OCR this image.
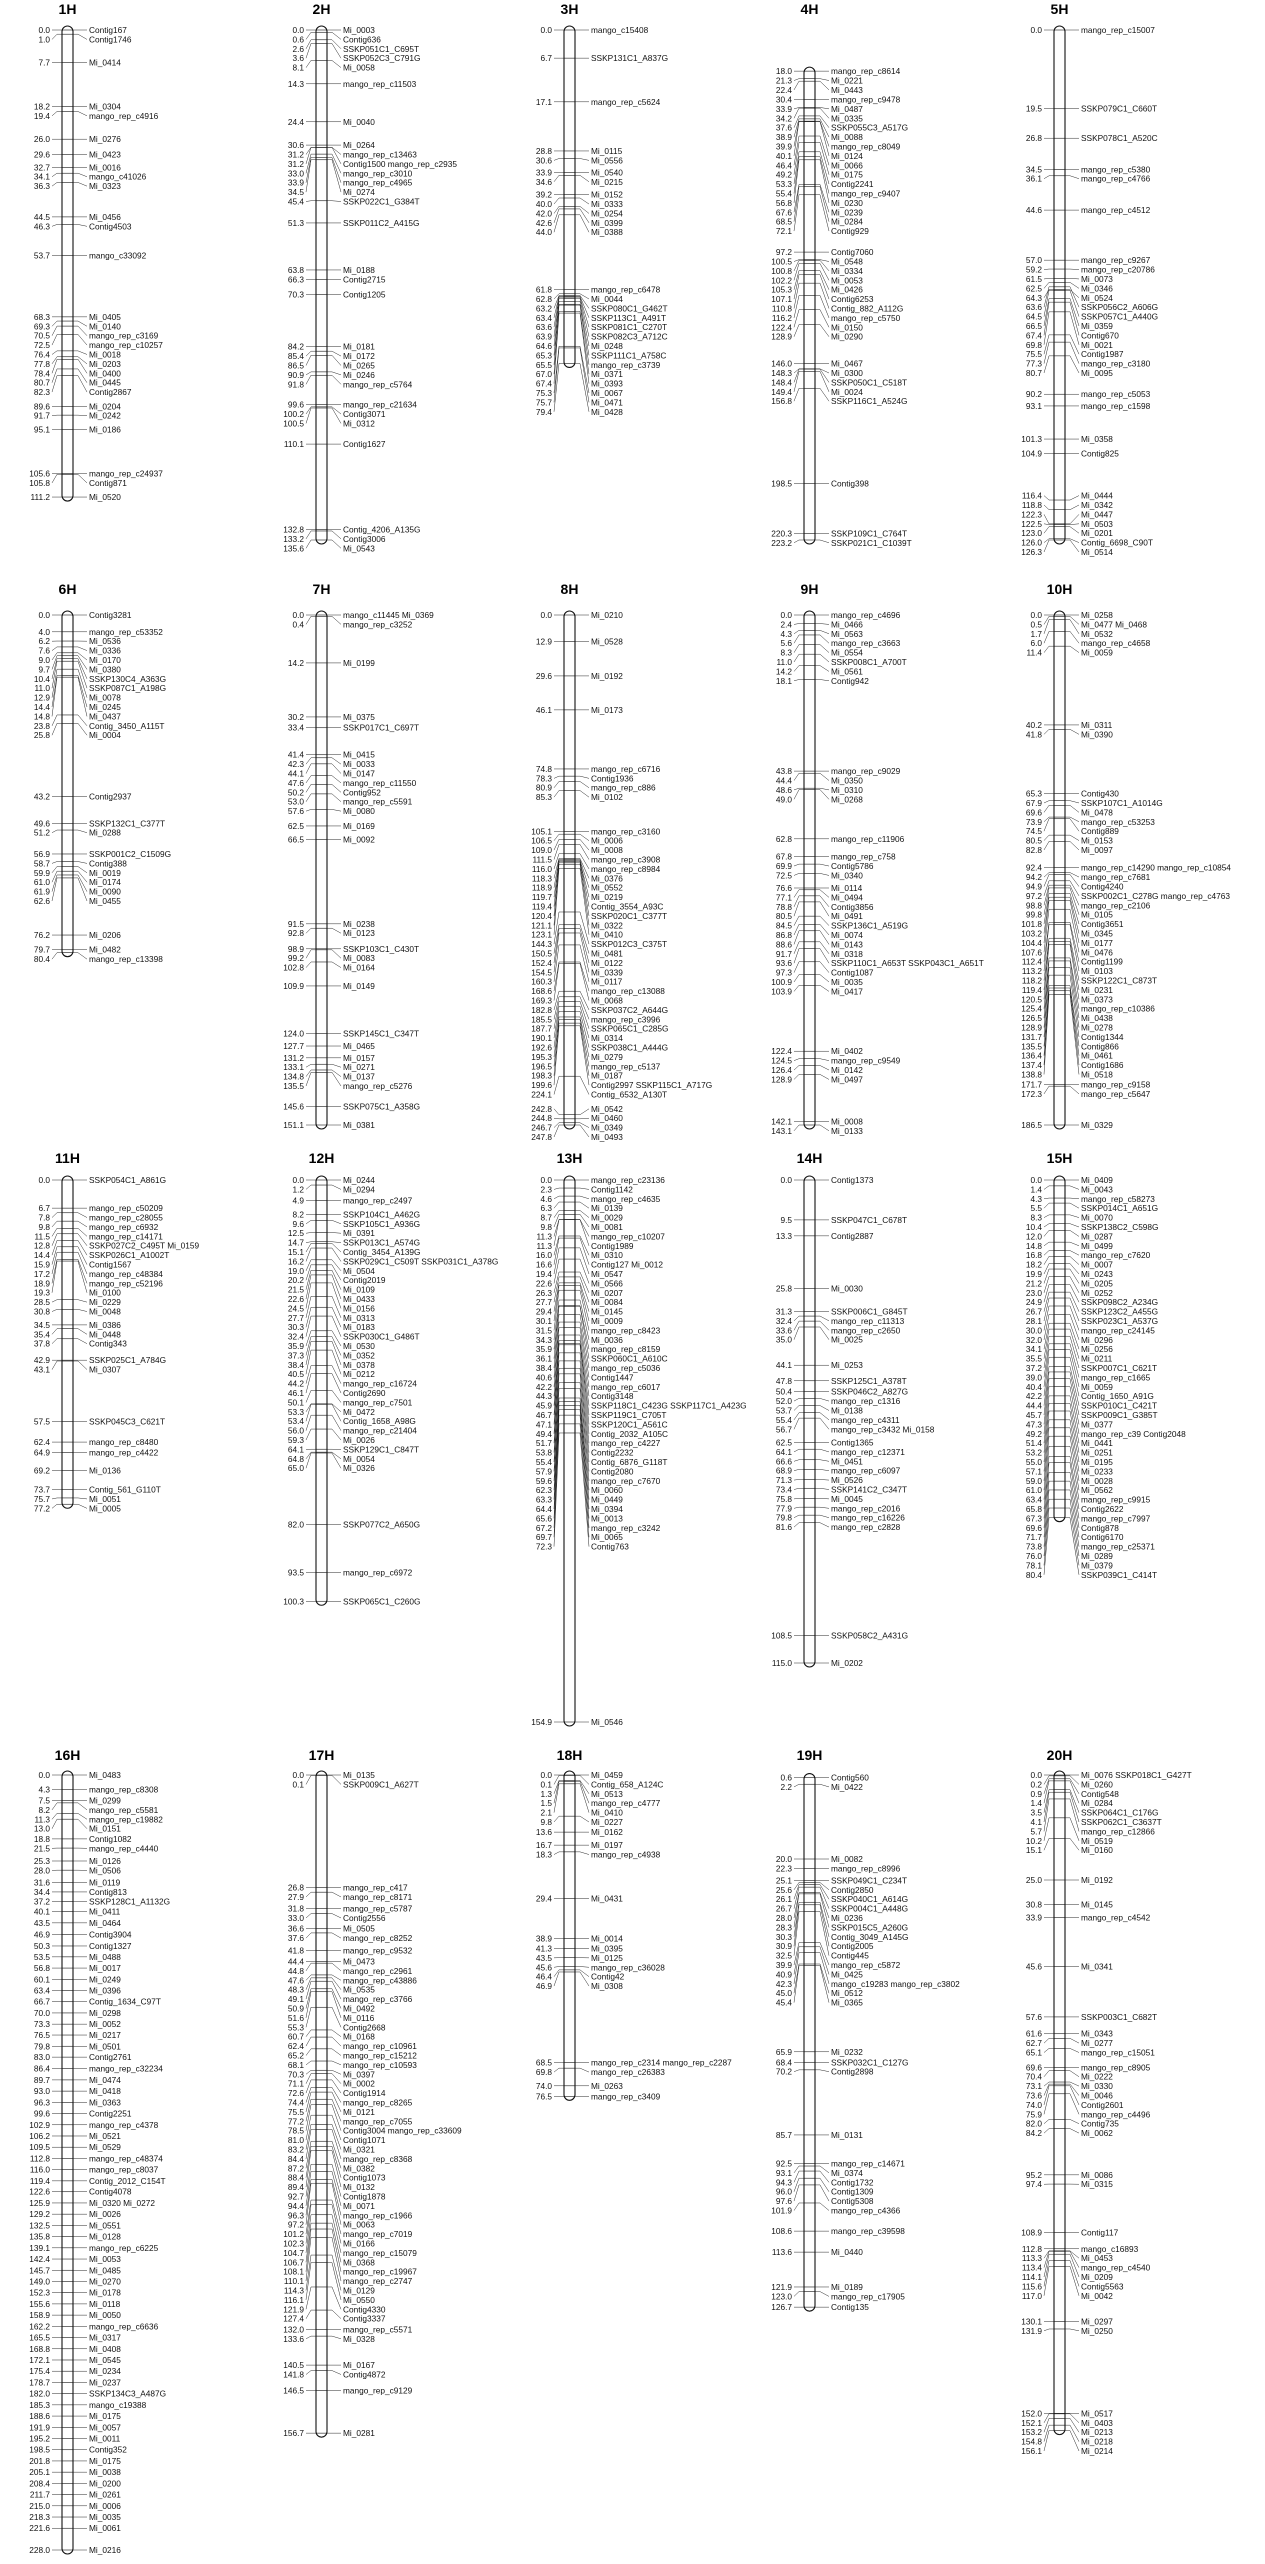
1H
0.0	Contig167
1.0	Contig1746
7.7	Mi_0414
18.2	Mi_0304
19.4	mango_rep_c4916
26.0	Mi_0276
29.6	Mi_0423
32.7	Mi_0016
34.1	mango_c41026
36.3	Mi_0323
44.5	Mi_0456
46.3	Contig4503
53.7	mango_c33092
68.3	Mi_0405
69.3	Mi_0140
70.5	mango_rep_c3169
72.5	mango_rep_c10257
76.4	Mi_0018
77.8	Mi_0203
78.4	Mi_0400
80.7	Mi_0445
82.3	Contig2867
89.6	Mi_0204
91.7	Mi_0242
95.1	Mi_0186
105.6	mango_rep_c24937
105.8	Contig871
111.2	Mi_0520
2H
0.0	Mi_0003
0.6	Contig636
2.6	SSKP051C1_C695T
3.6	SSKP052C3_C791G
8.1	Mi_0058
14.3	mango_rep_c11503
24.4	Mi_0040
30.6	Mi_0264
31.2	mango_rep_c13463
31.2	Contig1500 mango_rep_c2935
33.0	mango_rep_c3010
33.9	mango_rep_c4965
34.5	Mi_0274
45.4	SSKP022C1_G384T
51.3	SSKP011C2_A415G
63.8	Mi_0188
66.3	Contig2715
70.3	Contig1205
84.2	Mi_0181
85.4	Mi_0172
86.5	Mi_0265
90.9	Mi_0246
91.8	mango_rep_c5764
99.6	mango_rep_c21634
100.2	Contig3071
100.5	Mi_0312
110.1	Contig1627
132.8	Contig_4206_A135G
133.2	Contig3006
135.6	Mi_0543
3H
0.0	mango_c15408
6.7	SSKP131C1_A837G
17.1	mango_rep_c5624
28.8	Mi_0115
30.6	Mi_0556
33.9	Mi_0540
34.6	Mi_0215
39.2	Mi_0152
40.0	Mi_0333
42.0	Mi_0254
42.6	Mi_0399
44.0	Mi_0388
61.8	mango_rep_c6478
62.8	Mi_0044
63.2	SSKP080C1_G462T
63.4	SSKP113C1_A491T
63.6	SSKP081C1_C270T
63.9	SSKP082C3_A712C
64.6	Mi_0248
65.3	SSKP111C1_A758C
65.5	mango_rep_c3739
67.0	Mi_0371
67.4	Mi_0393
75.3	Mi_0067
75.7	Mi_0471
79.4	Mi_0428
4H
18.0	mango_rep_c8614
21.3	Mi_0221
22.4	Mi_0443
30.4	mango_rep_c9478
33.9	Mi_0487
34.2	Mi_0335
37.6	SSKP055C3_A517G
38.9	Mi_0088
39.9	mango_rep_c8049
40.1	Mi_0124
46.4	Mi_0066
49.2	Mi_0175
53.3	Contig2241
55.4	mango_rep_c9407
56.8	Mi_0230
67.6	Mi_0239
68.5	Mi_0284
72.1	Contig929
97.2	Contig7060
100.5	Mi_0548
100.8	Mi_0334
102.2	Mi_0053
105.3	Mi_0426
107.1	Contig6253
110.8	Contig_882_A112G
116.2	mango_rep_c5750
122.4	Mi_0150
128.9	Mi_0290
146.0	Mi_0467
148.3	Mi_0300
148.4	SSKP050C1_C518T
149.4	Mi_0024
156.8	SSKP116C1_A524G
198.5	Contig398
220.3	SSKP109C1_C764T
223.2	SSKP021C1_C1039T
5H
0.0	mango_rep_c15007
19.5	SSKP079C1_C660T
26.8	SSKP078C1_A520C
34.5	mango_rep_c5380
36.1	mango_rep_c4766
44.6	mango_rep_c4512
57.0	mango_rep_c9267
59.2	mango_rep_c20786
61.5	Mi_0073
62.5	Mi_0346
64.3	Mi_0524
63.6	SSKP056C2_A606G
64.5	SSKP057C1_A440G
66.5	Mi_0359
67.4	Contig670
69.8	Mi_0021
75.5	Contig1987
77.3	mango_rep_c3180
80.7	Mi_0095
90.2	mango_rep_c5053
93.1	mango_rep_c1598
101.3	Mi_0358
104.9	Contig825
116.4	Mi_0444
118.8	Mi_0342
122.3	Mi_0447
122.5	Mi_0503
123.0	Mi_0201
126.0	Contig_6698_C90T
126.3	Mi_0514
6H
0.0	Contig3281
4.0	mango_rep_c53352
6.2	Mi_0536
7.6	Mi_0336
9.0	Mi_0170
9.7	Mi_0380
10.4	SSKP130C4_A363G
11.0	SSKP087C1_A198G
12.9	Mi_0078
14.4	Mi_0245
14.8	Mi_0437
23.8	Contig_3450_A115T
25.8	Mi_0004
43.2	Contig2937
49.6	SSKP132C1_C377T
51.2	Mi_0288
56.9	SSKP001C2_C1509G
58.7	Contig388
59.9	Mi_0019
61.0	Mi_0174
61.9	Mi_0090
62.6	Mi_0455
76.2	Mi_0206
79.7	Mi_0482
80.4	mango_rep_c13398
7H
0.0	mango_c11445 Mi_0369
0.4	mango_rep_c3252
14.2	Mi_0199
30.2	Mi_0375
33.4	SSKP017C1_C697T
41.4	Mi_0415
42.3	Mi_0033
44.1	Mi_0147
47.6	mango_rep_c11550
50.2	Contig952
53.0	mango_rep_c5591
57.6	Mi_0080
62.5	Mi_0169
66.5	Mi_0092
91.5	Mi_0238
92.8	Mi_0123
98.9	SSKP103C1_C430T
99.2	Mi_0083
102.8	Mi_0164
109.9	Mi_0149
124.0	SSKP145C1_C347T
127.7	Mi_0465
131.2	Mi_0157
133.1	Mi_0271
134.8	Mi_0137
135.5	mango_rep_c5276
145.6	SSKP075C1_A358G
151.1	Mi_0381
8H
0.0	Mi_0210
12.9	Mi_0528
29.6	Mi_0192
46.1	Mi_0173
74.8	mango_rep_c6716
78.3	Contig1936
80.9	mango_rep_c886
85.3	Mi_0102
105.1	mango_rep_c3160
106.5	Mi_0006
109.0	Mi_0008
111.5	mango_rep_c3908
116.0	mango_rep_c8984
118.3	Mi_0376
118.9	Mi_0552
119.7	Mi_0219
119.4	Contig_3554_A93C
120.4	SSKP020C1_C377T
121.1	Mi_0322
123.1	Mi_0410
144.3	SSKP012C3_C375T
150.5	Mi_0481
152.4	Mi_0122
154.5	Mi_0339
160.3	Mi_0117
168.6	mango_rep_c13088
169.3	Mi_0068
182.8	SSKP037C2_A644G
185.5	mango_rep_c3996
187.7	SSKP065C1_C285G
190.1	Mi_0314
192.6	SSKP038C1_A444G
195.3	Mi_0279
196.5	mango_rep_c5137
198.3	Mi_0187
199.6	Contig2997 SSKP115C1_A717G
224.1	Contig_6532_A130T
242.8	Mi_0542
244.8	Mi_0460
246.7	Mi_0349
247.8	Mi_0493
9H
0.0	mango_rep_c4696
2.4	Mi_0466
4.3	Mi_0563
5.6	mango_rep_c3663
8.3	Mi_0554
11.0	SSKP008C1_A700T
14.2	Mi_0561
18.1	Contig942
43.8	mango_rep_c9029
44.4	Mi_0350
48.6	Mi_0310
49.0	Mi_0268
62.8	mango_rep_c11906
67.8	mango_rep_c758
69.9	Contig5786
72.5	Mi_0340
76.6	Mi_0114
77.1	Mi_0494
78.8	Contig3856
80.5	Mi_0491
84.5	SSKP136C1_A519G
86.8	Mi_0074
88.6	Mi_0143
91.7	Mi_0318
93.6	SSKP110C1_A653T SSKP043C1_A651T
97.3	Contig1087
100.9	Mi_0035
103.9	Mi_0417
122.4	Mi_0402
124.5	mango_rep_c9549
126.4	Mi_0142
128.9	Mi_0497
142.1	Mi_0008
143.1	Mi_0133
10H
0.0	Mi_0258
0.5	Mi_0477 Mi_0468
1.7	Mi_0532
6.0	mango_rep_c4658
11.4	Mi_0059
40.2	Mi_0311
41.8	Mi_0390
65.3	Contig430
67.9	SSKP107C1_A1014G
69.6	Mi_0478
73.9	mango_rep_c53253
74.5	Contig889
80.5	Mi_0153
82.8	Mi_0097
92.4	mango_rep_c14290 mango_rep_c10854
94.2	mango_rep_c7681
94.9	Contig4240
97.2	SSKP002C1_C278G mango_rep_c4763
98.8	mango_rep_c2106
99.8	Mi_0105
101.8	Contig3651
103.2	Mi_0345
104.4	Mi_0177
107.6	Mi_0476
112.4	Contig1199
113.2	Mi_0103
118.2	SSKP122C1_C873T
119.4	Mi_0231
120.5	Mi_0373
125.4	mango_rep_c10386
126.5	Mi_0438
128.9	Mi_0278
131.7	Contig1344
135.5	Contig866
136.4	Mi_0461
137.4	Contig1686
138.8	Mi_0518
171.7	mango_rep_c9158
172.3	mango_rep_c5647
186.5	Mi_0329
11H
0.0	SSKP054C1_A861G
6.7	mango_rep_c50209
7.8	mango_rep_c28055
9.8	mango_rep_c6932
11.5	mango_rep_c14171
12.8	SSKP027C2_C495T Mi_0159
14.4	SSKP026C1_A1002T
15.9	Contig1567
17.2	mango_rep_c48384
18.9	mango_rep_c52196
19.3	Mi_0100
28.5	Mi_0229
30.8	Mi_0048
34.5	Mi_0386
35.4	Mi_0448
37.8	Contig343
42.9	SSKP025C1_A784G
43.1	Mi_0307
57.5	SSKP045C3_C621T
62.4	mango_rep_c8480
64.9	mango_rep_c4422
69.2	Mi_0136
73.7	Contig_561_G110T
75.7	Mi_0051
77.2	Mi_0005
12H
0.0	Mi_0244
1.2	Mi_0294
4.9	mango_rep_c2497
8.2	SSKP104C1_A462G
9.6	SSKP105C1_A936G
12.5	Mi_0391
14.7	SSKP013C1_A574G
15.1	Contig_3454_A139G
16.2	SSKP029C1_C509T SSKP031C1_A378G
19.0	Mi_0504
20.2	Contig2019
21.5	Mi_0109
22.6	Mi_0433
24.5	Mi_0156
27.7	Mi_0313
30.3	Mi_0183
32.4	SSKP030C1_G486T
35.9	Mi_0530
37.3	Mi_0352
38.4	Mi_0378
40.5	Mi_0212
44.2	mango_rep_c16724
46.1	Contig2690
50.1	mango_rep_c7501
53.3	Mi_0472
53.4	Contig_1658_A98G
56.0	mango_rep_c21404
59.3	Mi_0026
64.1	SSKP129C1_C847T
64.8	Mi_0054
65.0	Mi_0326
82.0	SSKP077C2_A650G
93.5	mango_rep_c6972
100.3	SSKP065C1_C260G
13H
0.0	mango_rep_c23136
2.3	Contig1142
4.6	mango_rep_c4635
6.3	Mi_0139
8.7	Mi_0029
9.8	Mi_0081
11.3	mango_rep_c10207
11.3	Contig1989
16.0	Mi_0310
16.6	Contig127 Mi_0012
19.4	Mi_0547
22.6	Mi_0566
26.3	Mi_0207
27.7	Mi_0084
29.4	Mi_0145
30.1	Mi_0009
31.5	mango_rep_c8423
34.3	Mi_0036
35.9	mango_rep_c8159
36.1	SSKP060C1_A610C
38.4	mango_rep_c5036
40.6	Contig1447
42.2	mango_rep_c6017
44.3	Contig3148
45.9	SSKP118C1_C423G SSKP117C1_A423G
46.7	SSKP119C1_C705T
47.1	SSKP120C1_A561C
49.4	Contig_2032_A105C
51.7	mango_rep_c4227
53.8	Contig2232
55.4	Contig_6876_G118T
57.9	Contig2080
59.6	mango_rep_c7670
62.3	Mi_0060
63.3	Mi_0449
64.4	Mi_0394
65.6	Mi_0013
67.2	mango_rep_c3242
69.7	Mi_0065
72.3	Contig763
154.9	Mi_0546
14H
0.0	Contig1373
9.5	SSKP047C1_C678T
13.3	Contig2887
25.8	Mi_0030
31.3	SSKP006C1_G845T
32.4	mango_rep_c11313
33.6	mango_rep_c2650
35.0	Mi_0025
44.1	Mi_0253
47.8	SSKP125C1_A378T
50.4	SSKP046C2_A827G
52.0	mango_rep_c1316
53.7	Mi_0138
55.4	mango_rep_c4311
56.7	mango_rep_c3432 Mi_0158
62.5	Contig1365
64.1	mango_rep_c12371
66.6	Mi_0451
68.9	mango_rep_c6097
71.3	Mi_0526
73.4	SSKP141C2_C347T
75.8	Mi_0045
77.9	mango_rep_c2016
79.8	mango_rep_c16226
81.6	mango_rep_c2828
108.5	SSKP058C2_A431G
115.0	Mi_0202
15H
0.0	Mi_0409
1.4	Mi_0043
4.3	mango_rep_c58273
5.5	SSKP014C1_A651G
8.3	Mi_0070
10.4	SSKP138C2_C598G
12.0	Mi_0287
14.8	Mi_0499
16.8	mango_rep_c7620
18.2	Mi_0007
19.9	Mi_0243
21.2	Mi_0205
23.0	Mi_0252
24.9	SSKP098C2_A234G
26.7	SSKP123C2_A455G
28.1	SSKP023C1_A537G
30.0	mango_rep_c24145
32.0	Mi_0296
34.1	Mi_0256
35.5	Mi_0211
37.2	SSKP007C1_C621T
39.0	mango_rep_c1665
40.4	Mi_0059
42.2	Contig_1650_A91G
44.4	SSKP010C1_C421T
45.7	SSKP009C1_G385T
47.3	Mi_0377
49.2	mango_rep_c39 Contig2048
51.4	Mi_0441
53.2	Mi_0251
55.0	Mi_0195
57.1	Mi_0233
59.0	Mi_0028
61.0	Mi_0562
63.4	mango_rep_c9915
65.8	Contig2622
67.3	mango_rep_c7997
69.6	Contig878
71.7	Contig6170
73.8	mango_rep_c25371
76.0	Mi_0289
78.1	Mi_0379
80.4	SSKP039C1_C414T
16H
0.0	Mi_0483
4.3	mango_rep_c8308
7.5	Mi_0299
8.2	mango_rep_c5581
11.3	mango_rep_c19882
13.0	Mi_0151
18.8	Contig1082
21.5	mango_rep_c4440
25.3	Mi_0126
28.0	Mi_0506
31.6	Mi_0119
34.4	Contig813
37.2	SSKP128C1_A1132G
40.1	Mi_0411
43.5	Mi_0464
46.9	Contig3904
50.3	Contig1327
53.5	Mi_0488
56.8	Mi_0017
60.1	Mi_0249
63.4	Mi_0396
66.7	Contig_1634_C97T
70.0	Mi_0298
73.3	Mi_0052
76.5	Mi_0217
79.8	Mi_0501
83.0	Contig2761
86.4	mango_rep_c32234
89.7	Mi_0474
93.0	Mi_0418
96.3	Mi_0363
99.6	Contig2251
102.9	mango_rep_c4378
106.2	Mi_0521
109.5	Mi_0529
112.8	mango_rep_c48374
116.0	mango_rep_c8037
119.4	Contig_2012_C154T
122.6	Contig4078
125.9	Mi_0320 Mi_0272
129.2	Mi_0026
132.5	Mi_0551
135.8	Mi_0128
139.1	mango_rep_c6225
142.4	Mi_0053
145.7	Mi_0485
149.0	Mi_0270
152.3	Mi_0178
155.6	Mi_0118
158.9	Mi_0050
162.2	mango_rep_c6636
165.5	Mi_0317
168.8	Mi_0408
172.1	Mi_0545
175.4	Mi_0234
178.7	Mi_0237
182.0	SSKP134C3_A487G
185.3	mango_c19388
188.6	Mi_0175
191.9	Mi_0057
195.2	Mi_0011
198.5	Contig352
201.8	Mi_0175
205.1	Mi_0038
208.4	Mi_0200
211.7	Mi_0261
215.0	Mi_0006
218.3	Mi_0035
221.6	Mi_0061
228.0	Mi_0216
17H
0.0	Mi_0135
0.1	SSKP009C1_A627T
26.8	mango_rep_c417
27.9	mango_rep_c8171
31.8	mango_rep_c5787
33.0	Contig2556
36.6	Mi_0505
37.6	mango_rep_c8252
41.8	mango_rep_c9532
44.4	Mi_0473
44.8	mango_rep_c2961
47.6	mango_rep_c43886
48.3	Mi_0535
49.1	mango_rep_c3766
50.9	Mi_0492
51.6	Mi_0116
55.3	Contig2668
60.7	Mi_0168
62.4	mango_rep_c10961
65.2	mango_rep_c15212
68.1	mango_rep_c10593
70.3	Mi_0397
71.1	Mi_0002
72.6	Contig1914
74.4	mango_rep_c8265
75.5	Mi_0121
77.2	mango_rep_c7055
78.5	Contig3004 mango_rep_c33609
81.0	Contig1071
83.2	Mi_0321
84.4	mango_rep_c8368
87.2	Mi_0382
88.4	Contig1073
89.4	Mi_0132
92.7	Contig1878
94.4	Mi_0071
96.3	mango_rep_c1966
97.2	Mi_0063
101.2	mango_rep_c7019
102.3	Mi_0166
104.7	mango_rep_c15079
106.7	Mi_0368
108.1	mango_rep_c19967
110.1	mango_rep_c2747
114.3	Mi_0129
116.1	Mi_0550
121.9	Contig4330
127.4	Contig3337
132.0	mango_rep_c5571
133.6	Mi_0328
140.5	Mi_0167
141.8	Contig4872
146.5	mango_rep_c9129
156.7	Mi_0281
18H
0.0	Mi_0459
0.1	Contig_658_A124C
1.3	Mi_0513
1.5	mango_rep_c4777
2.1	Mi_0410
9.8	Mi_0227
13.6	Mi_0162
16.7	Mi_0197
18.3	mango_rep_c4938
29.4	Mi_0431
38.9	Mi_0014
41.3	Mi_0395
43.5	Mi_0125
45.6	mango_rep_c36028
46.4	Contig42
46.9	Mi_0308
68.5	mango_rep_c2314 mango_rep_c2287
69.8	mango_rep_c26383
74.0	Mi_0263
76.5	mango_rep_c3409
19H
0.6	Contig560
2.2	Mi_0422
20.0	Mi_0082
22.3	mango_rep_c8996
25.1	SSKP049C1_C234T
25.6	Contig2850
26.1	SSKP040C1_A614G
26.7	SSKP004C1_A448G
28.0	Mi_0236
28.3	SSKP015C5_A260G
30.3	Contig_3049_A145G
30.9	Contig2005
32.5	Contig445
39.9	mango_rep_c5872
40.9	Mi_0425
42.3	mango_c19283 mango_rep_c3802
45.0	Mi_0512
45.4	Mi_0365
65.9	Mi_0232
68.4	SSKP032C1_C127G
70.2	Contig2898
85.7	Mi_0131
92.5	mango_rep_c14671
93.1	Mi_0374
94.3	Contig1732
96.0	Contig1309
97.6	Contig5308
101.9	mango_rep_c4366
108.6	mango_rep_c39598
113.6	Mi_0440
121.9	Mi_0189
123.0	mango_rep_c17905
126.7	Contig135
20H
0.0	Mi_0076 SSKP018C1_G427T
0.2	Mi_0260
0.9	Contig548
1.4	Mi_0284
3.5	SSKP064C1_C176G
4.1	SSKP062C1_C3637T
5.7	mango_rep_c12866
10.2	Mi_0519
15.1	Mi_0160
25.0	Mi_0192
30.8	Mi_0145
33.9	mango_rep_c4542
45.6	Mi_0341
57.6	SSKP003C1_C682T
61.6	Mi_0343
62.7	Mi_0277
65.1	mango_rep_c15051
69.6	mango_rep_c8905
70.4	Mi_0222
73.1	Mi_0330
73.6	Mi_0046
74.0	Contig2601
75.9	mango_rep_c4496
82.0	Contig735
84.2	Mi_0062
95.2	Mi_0086
97.4	Mi_0315
108.9	Contig117
112.8	mango_c16893
113.3	Mi_0453
113.4	mango_rep_c4540
114.1	Mi_0209
115.6	Contig5563
117.0	Mi_0042
130.1	Mi_0297
131.9	Mi_0250
152.0	Mi_0517
152.1	Mi_0403
153.2	Mi_0213
154.8	Mi_0218
156.1	Mi_0214
